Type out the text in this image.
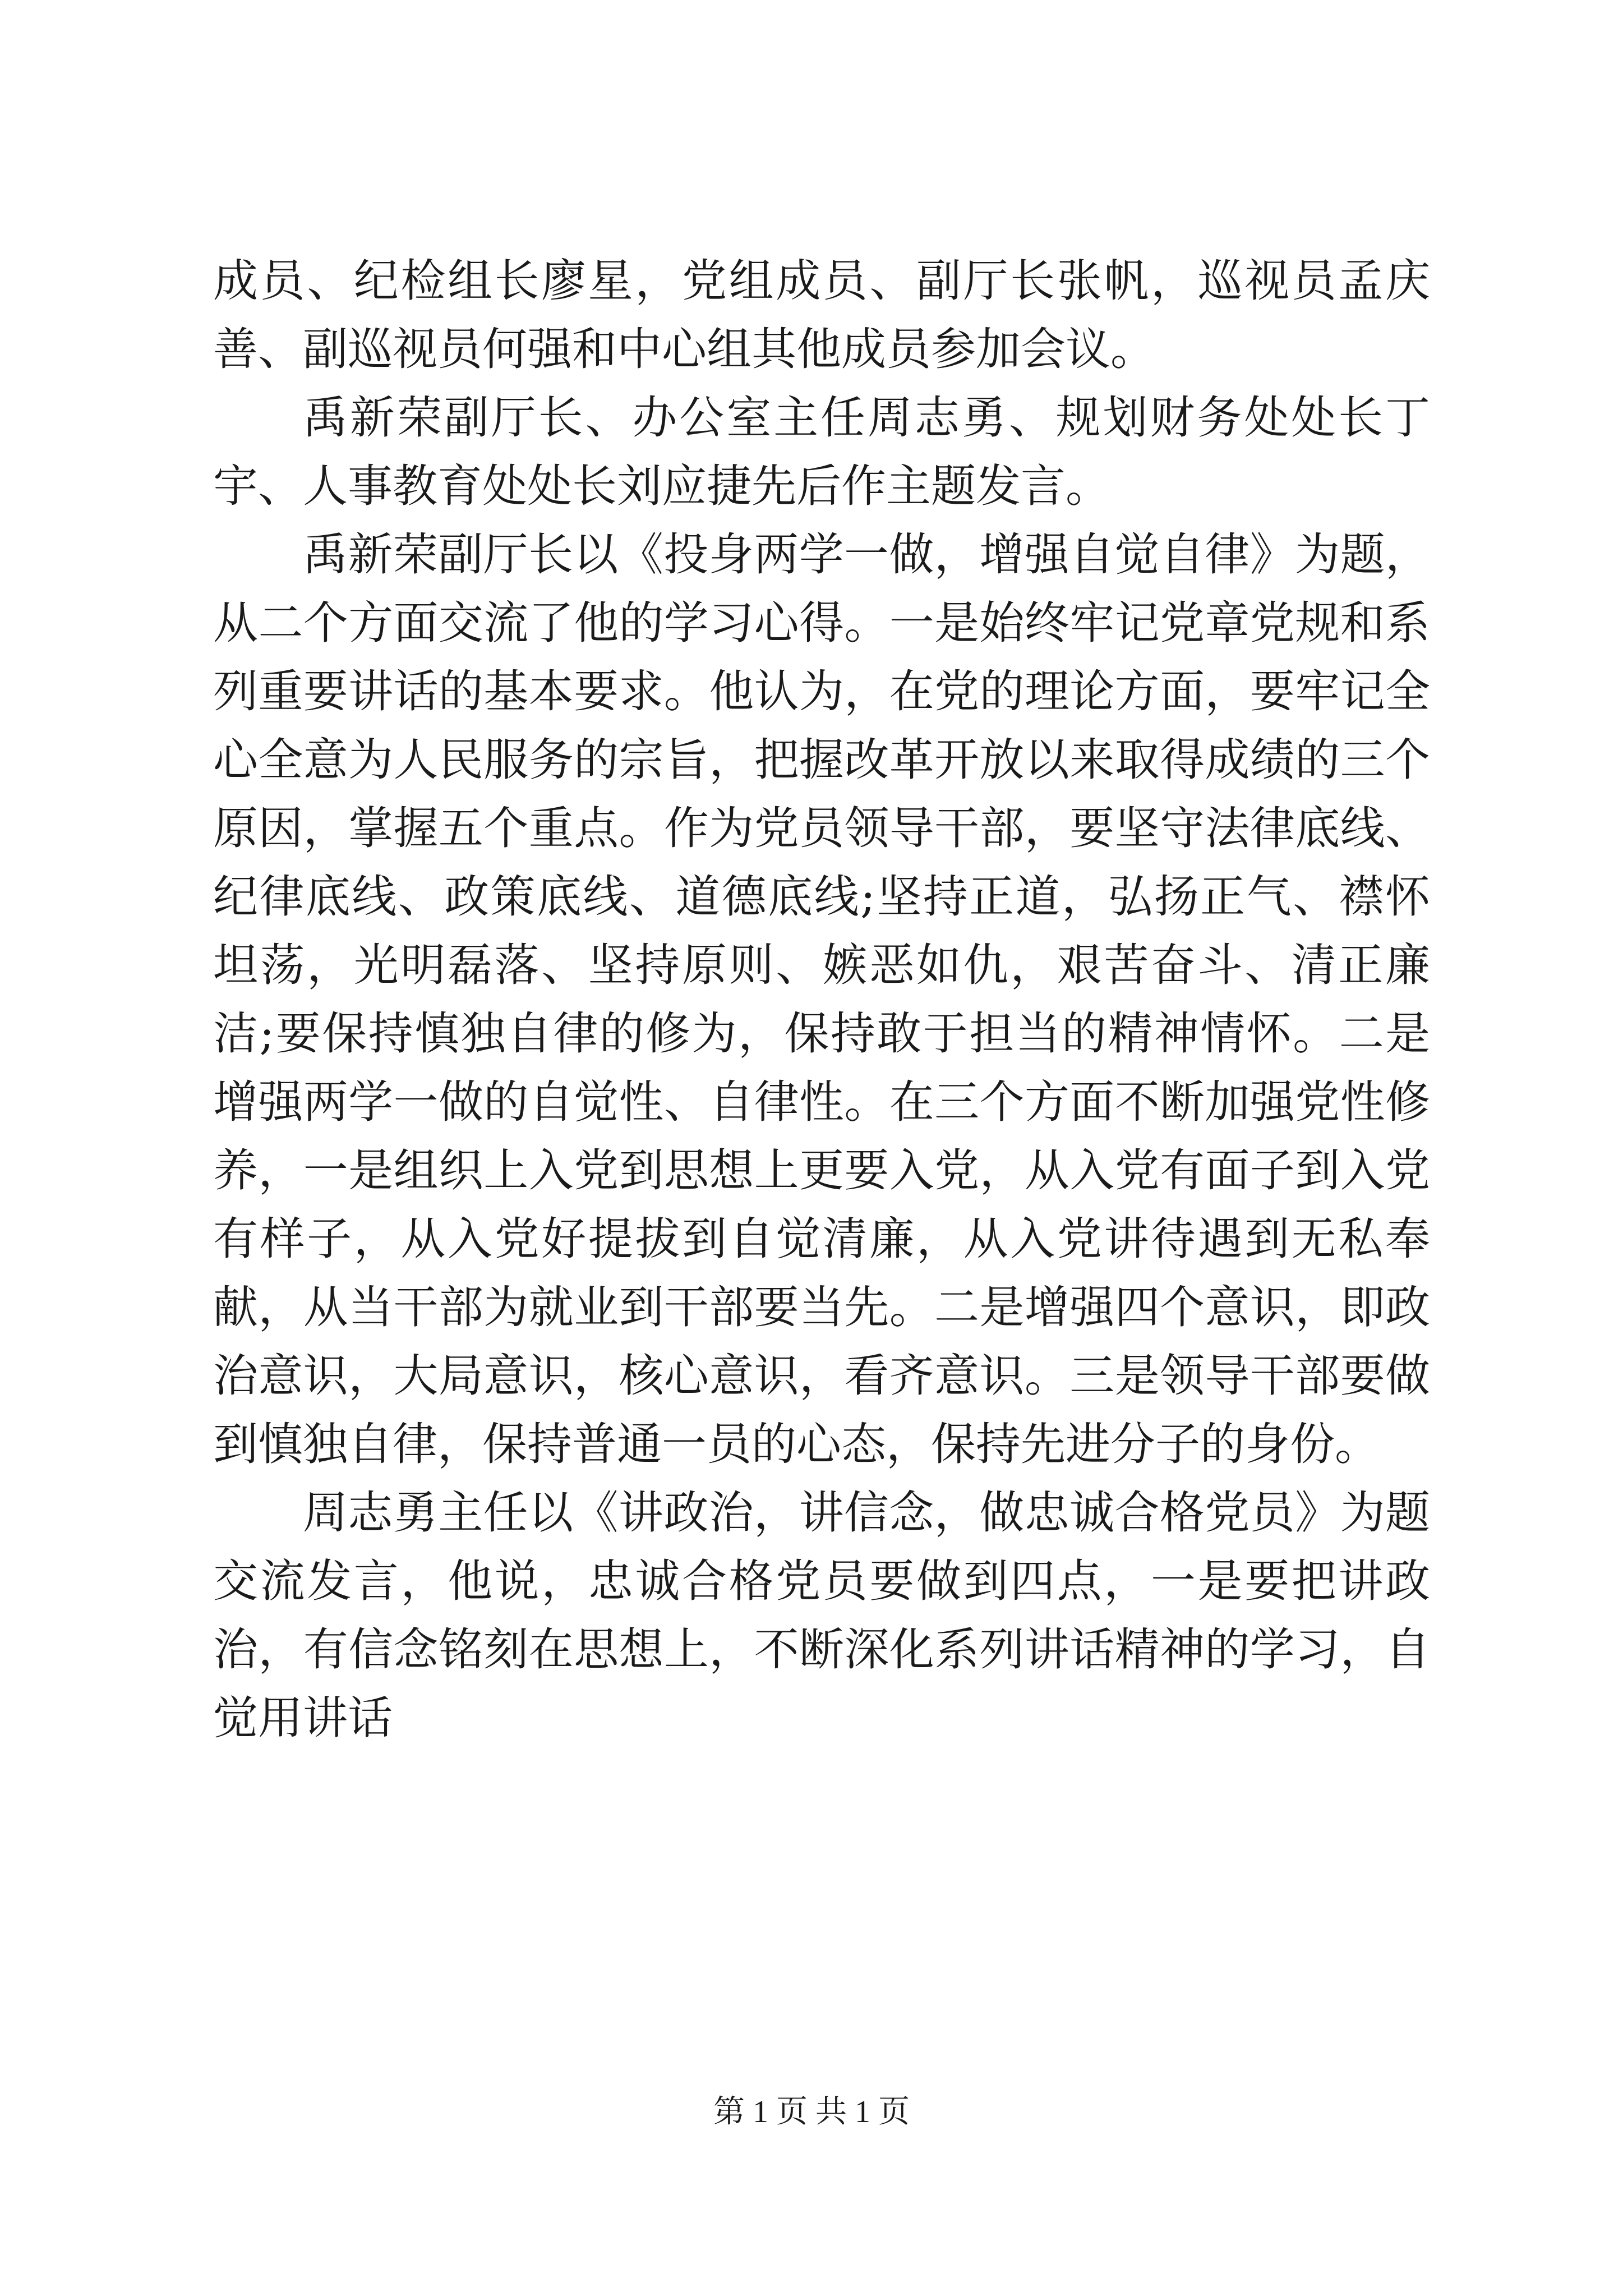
成员、纪检组长廖星，党组成员、副厅长张帆，巡视员孟庆善、副巡视员何强和中心组其他成员参加会议。

禹新荣副厅长、办公室主任周志勇、规划财务处处长丁宇、人事教育处处长刘应捷先后作主题发言。

禹新荣副厅长以《投身两学一做，增强自觉自律》为题，从二个方面交流了他的学习心得。一是始终牢记党章党规和系列重要讲话的基本要求。他认为，在党的理论方面，要牢记全心全意为人民服务的宗旨，把握改革开放以来取得成绩的三个原因，掌握五个重点。作为党员领导干部，要坚守法律底线、纪律底线、政策底线、道德底线;坚持正道，弘扬正气、襟怀坦荡，光明磊落、坚持原则、嫉恶如仇，艰苦奋斗、清正廉洁;要保持慎独自律的修为，保持敢于担当的精神情怀。二是增强两学一做的自觉性、自律性。在三个方面不断加强党性修养，一是组织上入党到思想上更要入党，从入党有面子到入党有样子，从入党好提拔到自觉清廉，从入党讲待遇到无私奉献，从当干部为就业到干部要当先。二是增强四个意识，即政治意识，大局意识，核心意识，看齐意识。三是领导干部要做到慎独自律，保持普通一员的心态，保持先进分子的身份。

周志勇主任以《讲政治，讲信念，做忠诚合格党员》为题交流发言，他说，忠诚合格党员要做到四点，一是要把讲政治，有信念铭刻在思想上，不断深化系列讲话精神的学习，自觉用讲话

第 1 页 共 1 页
